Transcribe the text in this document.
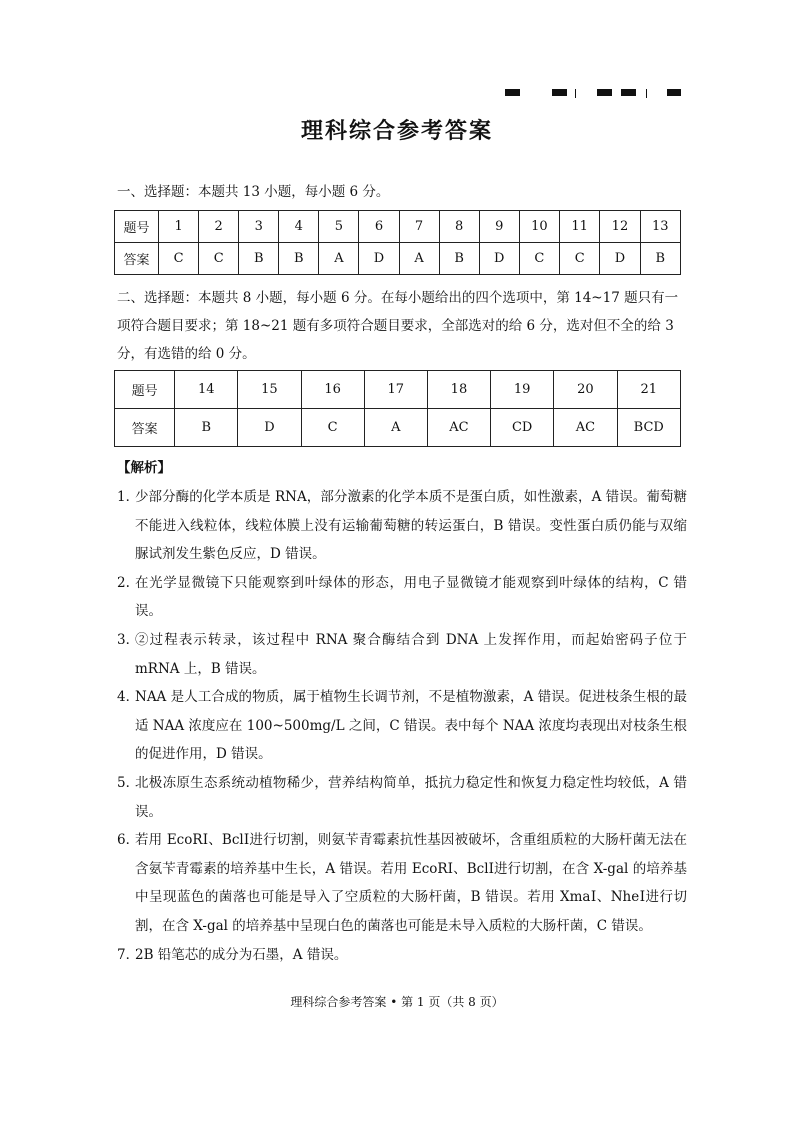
理科综合参考答案

一、选择题：本题共 13 小题，每小题 6 分。

题号	1	2	3	4	5	6	7	8	9	10	11	12	13
答案	C	C	B	B	A	D	A	B	D	C	C	D	B

二、选择题：本题共 8 小题，每小题 6 分。在每小题给出的四个选项中，第 14~17 题只有一项符合题目要求；第 18~21 题有多项符合题目要求，全部选对的给 6 分，选对但不全的给 3 分，有选错的给 0 分。

题号	14	15	16	17	18	19	20	21
答案	B	D	C	A	AC	CD	AC	BCD

【解析】

1．
少部分酶的化学本质是 RNA，部分激素的化学本质不是蛋白质，如性激素，A 错误。葡萄糖不能进入线粒体，线粒体膜上没有运输葡萄糖的转运蛋白，B 错误。变性蛋白质仍能与双缩脲试剂发生紫色反应，D 错误。
2. 在光学显微镜下只能观察到叶绿体的形态，用电子显微镜才能观察到叶绿体的结构，C 错误。
3．
②过程表示转录，该过程中 RNA 聚合酶结合到 DNA 上发挥作用，而起始密码子位于 mRNA 上，B 错误。
4．
NAA 是人工合成的物质，属于植物生长调节剂，不是植物激素，A 错误。促进枝条生根的最适 NAA 浓度应在 100~500mg/L 之间，C 错误。表中每个 NAA 浓度均表现出对枝条生根的促进作用，D 错误。
5．
北极冻原生态系统动植物稀少，营养结构简单，抵抗力稳定性和恢复力稳定性均较低，A 错误。
6．
若用 EcoRⅠ、BclⅠ进行切割，则氨苄青霉素抗性基因被破坏，含重组质粒的大肠杆菌无法在含氨苄青霉素的培养基中生长，A 错误。若用 EcoRⅠ、BclⅠ进行切割，在含 X-gal 的培养基中呈现蓝色的菌落也可能是导入了空质粒的大肠杆菌，B 错误。若用 XmaⅠ、NheⅠ进行切割，在含 X-gal 的培养基中呈现白色的菌落也可能是未导入质粒的大肠杆菌，C 错误。
7．
2B 铅笔芯的成分为石墨，A 错误。

理科综合参考答案 • 第 1 页（共 8 页）
